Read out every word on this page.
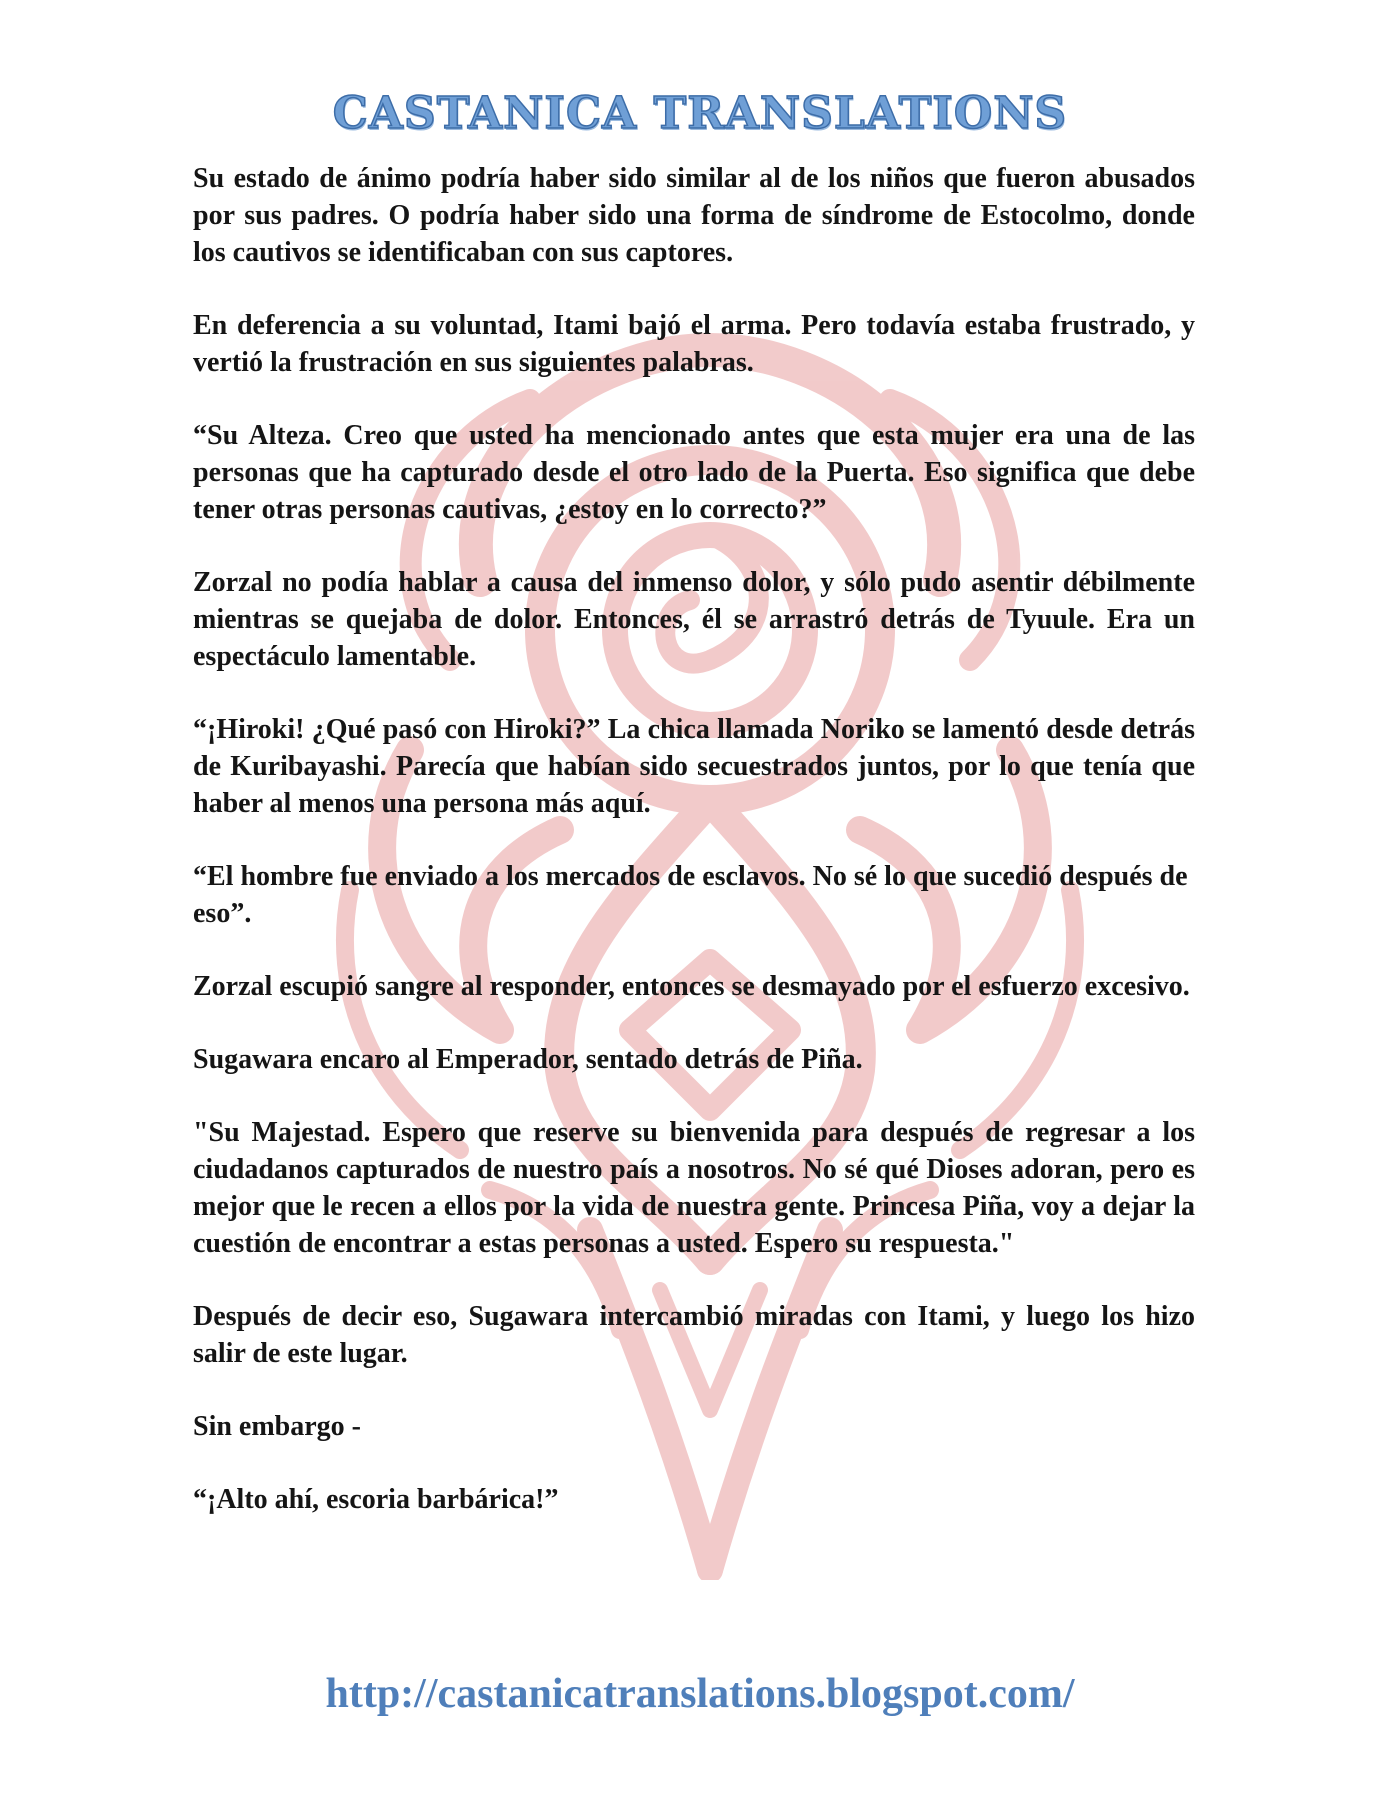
CASTANICA TRANSLATIONS

Su estado de ánimo podría haber sido similar al de los niños que fueron abusados por sus padres. O podría haber sido una forma de síndrome de Estocolmo, donde los cautivos se identificaban con sus captores.

En deferencia a su voluntad, Itami bajó el arma. Pero todavía estaba frustrado, y vertió la frustración en sus siguientes palabras.

“Su Alteza. Creo que usted ha mencionado antes que esta mujer era una de las personas que ha capturado desde el otro lado de la Puerta. Eso significa que debe tener otras personas cautivas, ¿estoy en lo correcto?”

Zorzal no podía hablar a causa del inmenso dolor, y sólo pudo asentir débilmente mientras se quejaba de dolor. Entonces, él se arrastró detrás de Tyuule. Era un espectáculo lamentable.

“¡Hiroki! ¿Qué pasó con Hiroki?” La chica llamada Noriko se lamentó desde detrás de Kuribayashi. Parecía que habían sido secuestrados juntos, por lo que tenía que haber al menos una persona más aquí.

“El hombre fue enviado a los mercados de esclavos. No sé lo que sucedió después de eso”.

Zorzal escupió sangre al responder, entonces se desmayado por el esfuerzo excesivo.

Sugawara encaro al Emperador, sentado detrás de Piña.

"Su Majestad. Espero que reserve su bienvenida para después de regresar a los ciudadanos capturados de nuestro país a nosotros. No sé qué Dioses adoran, pero es mejor que le recen a ellos por la vida de nuestra gente. Princesa Piña, voy a dejar la cuestión de encontrar a estas personas a usted. Espero su respuesta."

Después de decir eso, Sugawara intercambió miradas con Itami, y luego los hizo salir de este lugar.

Sin embargo -

“¡Alto ahí, escoria barbárica!”

http://castanicatranslations.blogspot.com/
